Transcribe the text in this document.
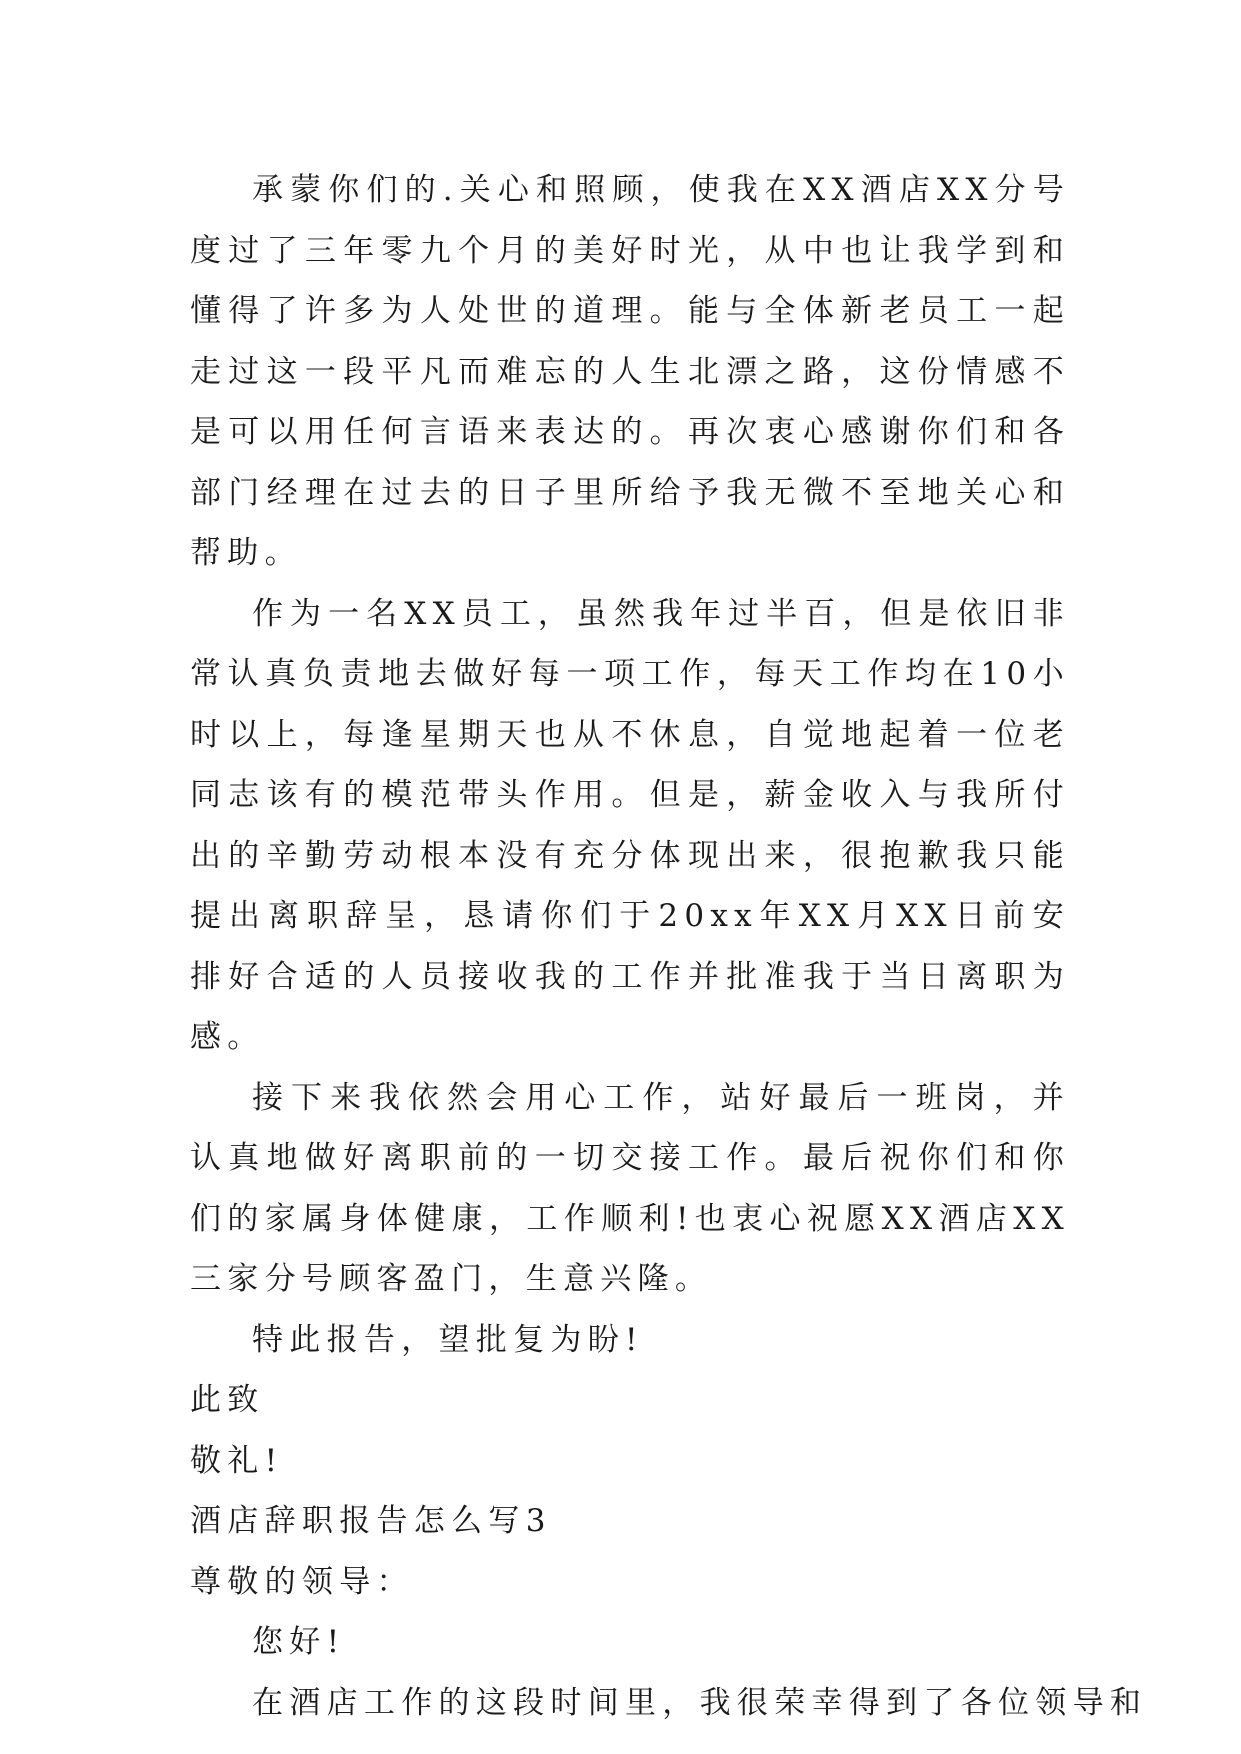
承蒙你们的.关心和照顾，使我在XX酒店XX分号度过了三年零九个月的美好时光，从中也让我学到和懂得了许多为人处世的道理。能与全体新老员工一起走过这一段平凡而难忘的人生北漂之路，这份情感不是可以用任何言语来表达的。再次衷心感谢你们和各部门经理在过去的日子里所给予我无微不至地关心和帮助。

作为一名XX员工，虽然我年过半百，但是依旧非常认真负责地去做好每一项工作，每天工作均在10小时以上，每逢星期天也从不休息，自觉地起着一位老同志该有的模范带头作用。但是，薪金收入与我所付出的辛勤劳动根本没有充分体现出来，很抱歉我只能提出离职辞呈，恳请你们于20xx年XX月XX日前安排好合适的人员接收我的工作并批准我于当日离职为感。

接下来我依然会用心工作，站好最后一班岗，并认真地做好离职前的一切交接工作。最后祝你们和你们的家属身体健康，工作顺利!也衷心祝愿XX酒店XX三家分号顾客盈门，生意兴隆。

特此报告，望批复为盼!

此致

敬礼!

酒店辞职报告怎么写3

尊敬的领导：

您好!

在酒店工作的这段时间里，我很荣幸得到了各位领导和
